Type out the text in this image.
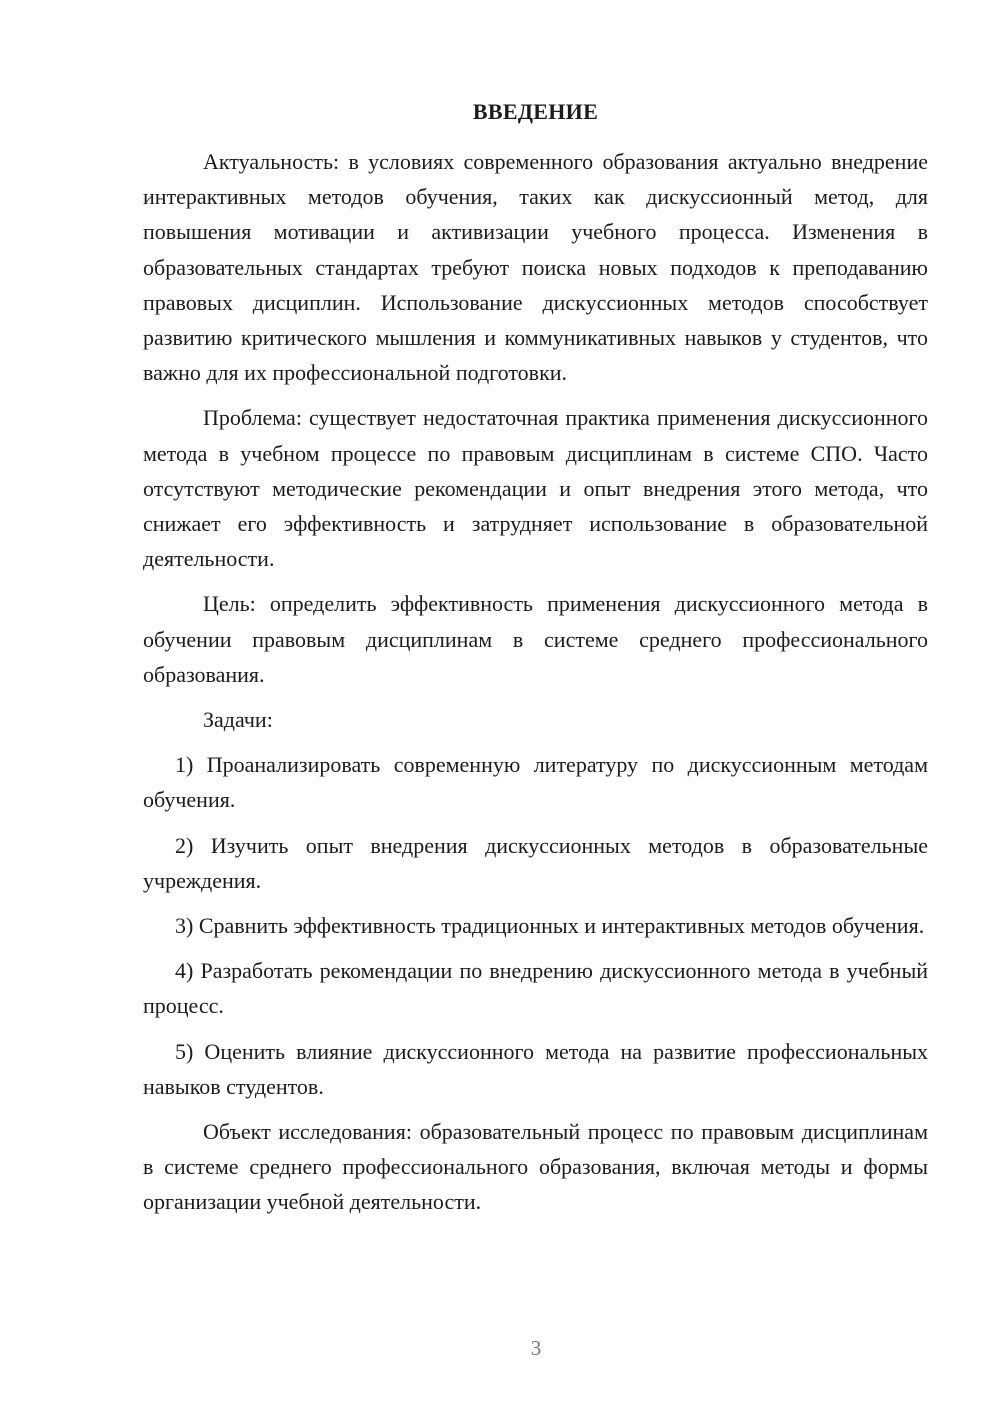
ВВЕДЕНИЕ

Актуальность: в условиях современного образования актуально внедрение интерактивных методов обучения, таких как дискуссионный метод, для повышения мотивации и активизации учебного процесса. Изменения в образовательных стандартах требуют поиска новых подходов к преподаванию правовых дисциплин. Использование дискуссионных методов способствует развитию критического мышления и коммуникативных навыков у студентов, что важно для их профессиональной подготовки.

Проблема: существует недостаточная практика применения дискуссионного метода в учебном процессе по правовым дисциплинам в системе СПО. Часто отсутствуют методические рекомендации и опыт внедрения этого метода, что снижает его эффективность и затрудняет использование в образовательной деятельности.

Цель: определить эффективность применения дискуссионного метода в обучении правовым дисциплинам в системе среднего профессионального образования.

Задачи:

1) Проанализировать современную литературу по дискуссионным методам обучения.

2) Изучить опыт внедрения дискуссионных методов в образовательные учреждения.

3) Сравнить эффективность традиционных и интерактивных методов обучения.

4) Разработать рекомендации по внедрению дискуссионного метода в учебный процесс.

5) Оценить влияние дискуссионного метода на развитие профессиональных навыков студентов.

Объект исследования: образовательный процесс по правовым дисциплинам в системе среднего профессионального образования, включая методы и формы организации учебной деятельности.

3
